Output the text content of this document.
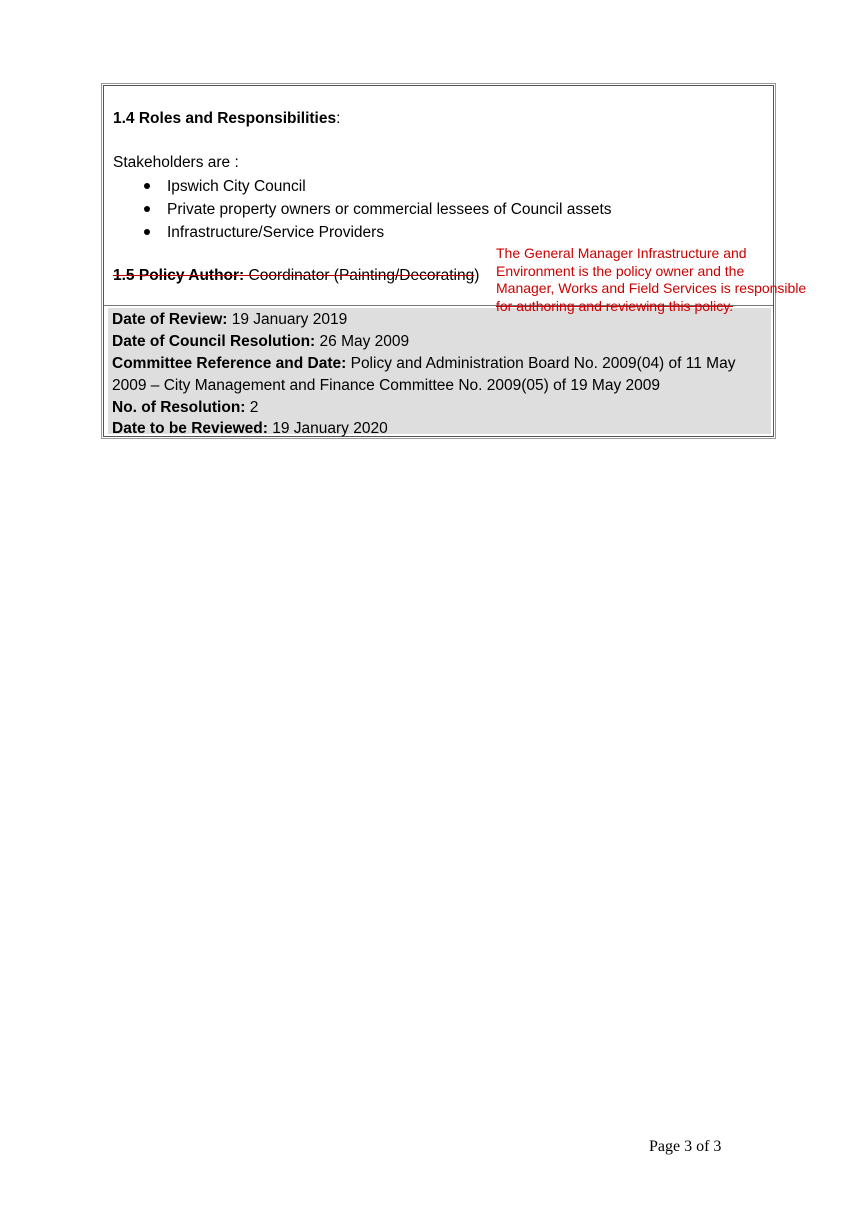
1.4 Roles and Responsibilities:
Stakeholders are :
Ipswich City Council
Private property owners or commercial lessees of Council assets
Infrastructure/Service Providers
1.5 Policy Author: Coordinator (Painting/Decorating)
Date of Review: 19 January 2019
Date of Council Resolution: 26 May 2009
Committee Reference and Date: Policy and Administration Board No. 2009(04) of 11 May
2009 – City Management and Finance Committee No. 2009(05) of 19 May 2009
No. of Resolution: 2
Date to be Reviewed: 19 January 2020
The General Manager Infrastructure and
Environment is the policy owner and the
Manager, Works and Field Services is responsible
for authoring and reviewing this policy.
Page 3 of 3
